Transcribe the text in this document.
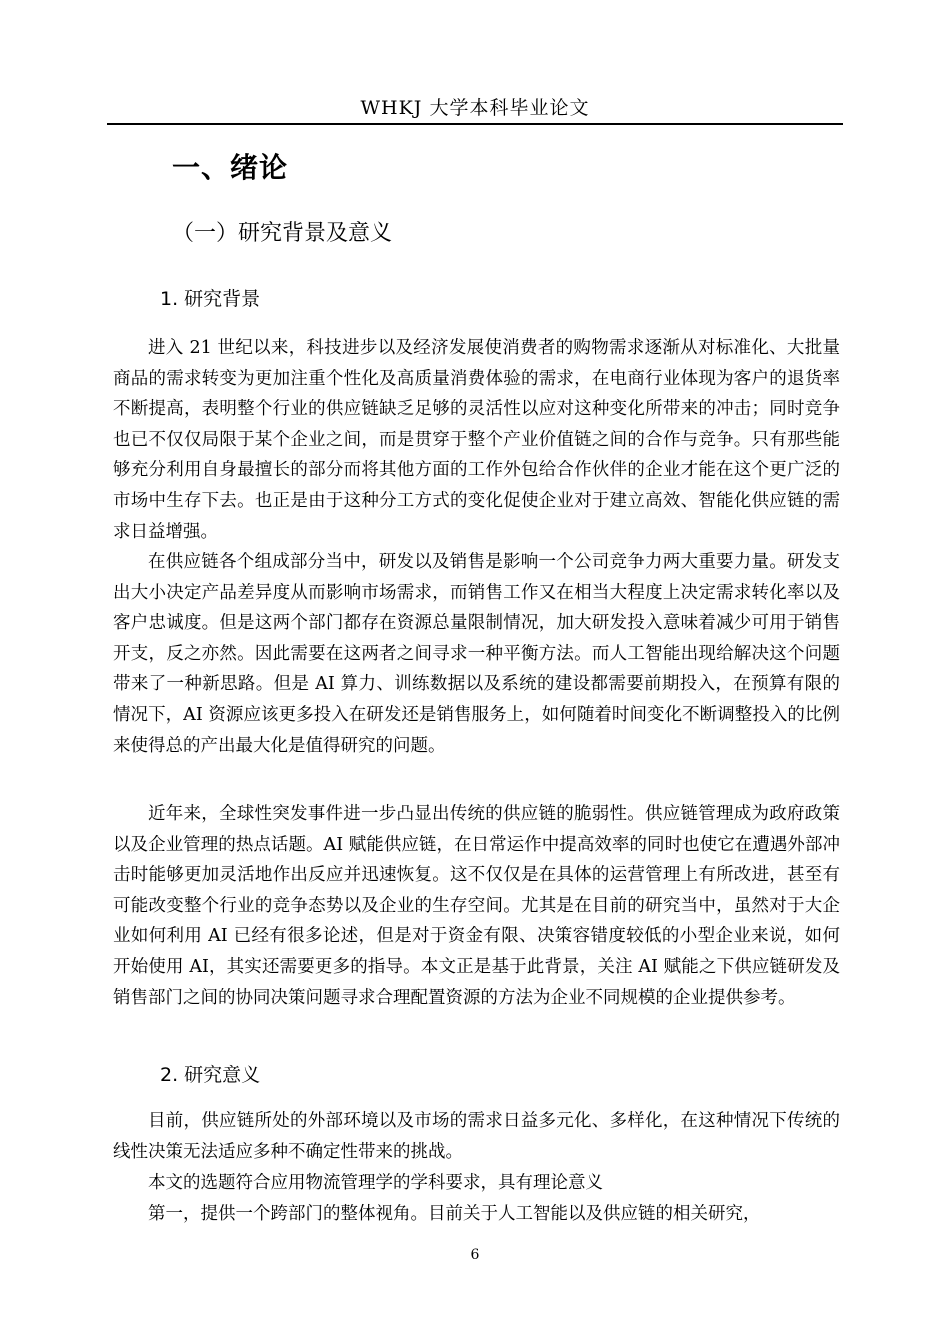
WHKJ 大学本科毕业论文
一、绪论
（一）研究背景及意义
1. 研究背景

进入 21 世纪以来，科技进步以及经济发展使消费者的购物需求逐渐从对标准化、大批量商品的需求转变为更加注重个性化及高质量消费体验的需求，在电商行业体现为客户的退货率不断提高，表明整个行业的供应链缺乏足够的灵活性以应对这种变化所带来的冲击；同时竞争也已不仅仅局限于某个企业之间，而是贯穿于整个产业价值链之间的合作与竞争。只有那些能够充分利用自身最擅长的部分而将其他方面的工作外包给合作伙伴的企业才能在这个更广泛的市场中生存下去。也正是由于这种分工方式的变化促使企业对于建立高效、智能化供应链的需求日益增强。

在供应链各个组成部分当中，研发以及销售是影响一个公司竞争力两大重要力量。研发支出大小决定产品差异度从而影响市场需求，而销售工作又在相当大程度上决定需求转化率以及客户忠诚度。但是这两个部门都存在资源总量限制情况，加大研发投入意味着减少可用于销售开支，反之亦然。因此需要在这两者之间寻求一种平衡方法。而人工智能出现给解决这个问题带来了一种新思路。但是 AI 算力、训练数据以及系统的建设都需要前期投入，在预算有限的情况下，AI 资源应该更多投入在研发还是销售服务上，如何随着时间变化不断调整投入的比例来使得总的产出最大化是值得研究的问题。

近年来，全球性突发事件进一步凸显出传统的供应链的脆弱性。供应链管理成为政府政策以及企业管理的热点话题。AI 赋能供应链，在日常运作中提高效率的同时也使它在遭遇外部冲击时能够更加灵活地作出反应并迅速恢复。这不仅仅是在具体的运营管理上有所改进，甚至有可能改变整个行业的竞争态势以及企业的生存空间。尤其是在目前的研究当中，虽然对于大企业如何利用 AI 已经有很多论述，但是对于资金有限、决策容错度较低的小型企业来说，如何开始使用 AI，其实还需要更多的指导。本文正是基于此背景，关注 AI 赋能之下供应链研发及销售部门之间的协同决策问题寻求合理配置资源的方法为企业不同规模的企业提供参考。

2. 研究意义

目前，供应链所处的外部环境以及市场的需求日益多元化、多样化，在这种情况下传统的线性决策无法适应多种不确定性带来的挑战。

本文的选题符合应用物流管理学的学科要求，具有理论意义

第一，提供一个跨部门的整体视角。目前关于人工智能以及供应链的相关研究，

6
